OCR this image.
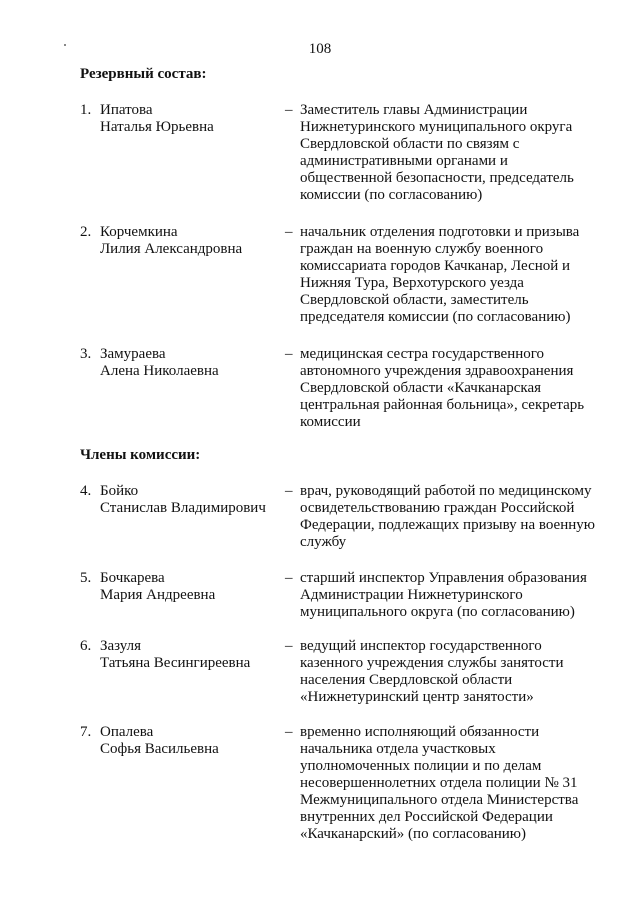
108
Резервный состав:
1. Ипатова
Наталья Юрьевна
– Заместитель главы Администрации
Нижнетуринского муниципального округа
Свердловской области по связям с
административными органами и
общественной безопасности, председатель
комиссии (по согласованию)
2. Корчемкина
Лилия Александровна
– начальник отделения подготовки и призыва
граждан на военную службу военного
комиссариата городов Качканар, Лесной и
Нижняя Тура, Верхотурского уезда
Свердловской области, заместитель
председателя комиссии (по согласованию)
3. Замураева
Алена Николаевна
– медицинская сестра государственного
автономного учреждения здравоохранения
Свердловской области «Качканарская
центральная районная больница», секретарь
комиссии
Члены комиссии:
4. Бойко
Станислав Владимирович
– врач, руководящий работой по медицинскому
освидетельствованию граждан Российской
Федерации, подлежащих призыву на военную
службу
5. Бочкарева
Мария Андреевна
– старший инспектор Управления образования
Администрации Нижнетуринского
муниципального округа (по согласованию)
6. Зазуля
Татьяна Весингиреевна
– ведущий инспектор государственного
казенного учреждения службы занятости
населения Свердловской области
«Нижнетуринский центр занятости»
7. Опалева
Софья Васильевна
– временно исполняющий обязанности
начальника отдела участковых
уполномоченных полиции и по делам
несовершеннолетних отдела полиции № 31
Межмуниципального отдела Министерства
внутренних дел Российской Федерации
«Качканарский» (по согласованию)
